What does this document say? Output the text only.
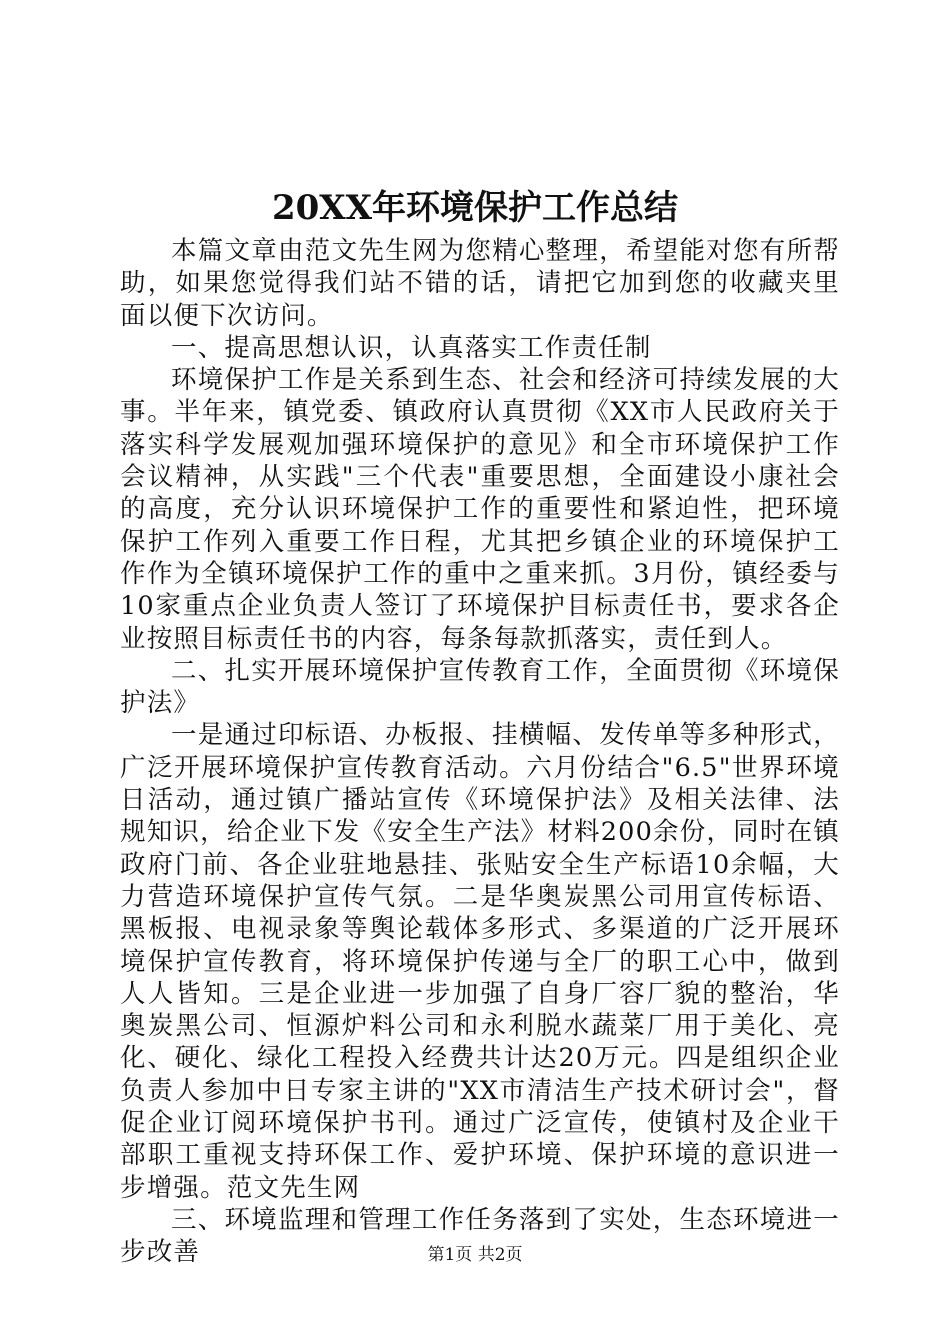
20XX年环境保护工作总结

本篇文章由范文先生网为您精心整理，希望能对您有所帮助，如果您觉得我们站不错的话，请把它加到您的收藏夹里面以便下次访问。

一、提高思想认识，认真落实工作责任制

环境保护工作是关系到生态、社会和经济可持续发展的大事。半年来，镇党委、镇政府认真贯彻《XX市人民政府关于落实科学发展观加强环境保护的意见》和全市环境保护工作会议精神，从实践"三个代表"重要思想，全面建设小康社会的高度，充分认识环境保护工作的重要性和紧迫性，把环境保护工作列入重要工作日程，尤其把乡镇企业的环境保护工作作为全镇环境保护工作的重中之重来抓。3月份，镇经委与10家重点企业负责人签订了环境保护目标责任书，要求各企业按照目标责任书的内容，每条每款抓落实，责任到人。

二、扎实开展环境保护宣传教育工作，全面贯彻《环境保护法》

一是通过印标语、办板报、挂横幅、发传单等多种形式，广泛开展环境保护宣传教育活动。六月份结合"6.5"世界环境日活动，通过镇广播站宣传《环境保护法》及相关法律、法规知识，给企业下发《安全生产法》材料200余份，同时在镇政府门前、各企业驻地悬挂、张贴安全生产标语10余幅，大力营造环境保护宣传气氛。二是华奥炭黑公司用宣传标语、黑板报、电视录象等舆论载体多形式、多渠道的广泛开展环境保护宣传教育，将环境保护传递与全厂的职工心中，做到人人皆知。三是企业进一步加强了自身厂容厂貌的整治，华奥炭黑公司、恒源炉料公司和永利脱水蔬菜厂用于美化、亮化、硬化、绿化工程投入经费共计达20万元。四是组织企业负责人参加中日专家主讲的"XX市清洁生产技术研讨会"，督促企业订阅环境保护书刊。通过广泛宣传，使镇村及企业干部职工重视支持环保工作、爱护环境、保护环境的意识进一步增强。范文先生网

三、环境监理和管理工作任务落到了实处，生态环境进一步改善	第1页 共2页
